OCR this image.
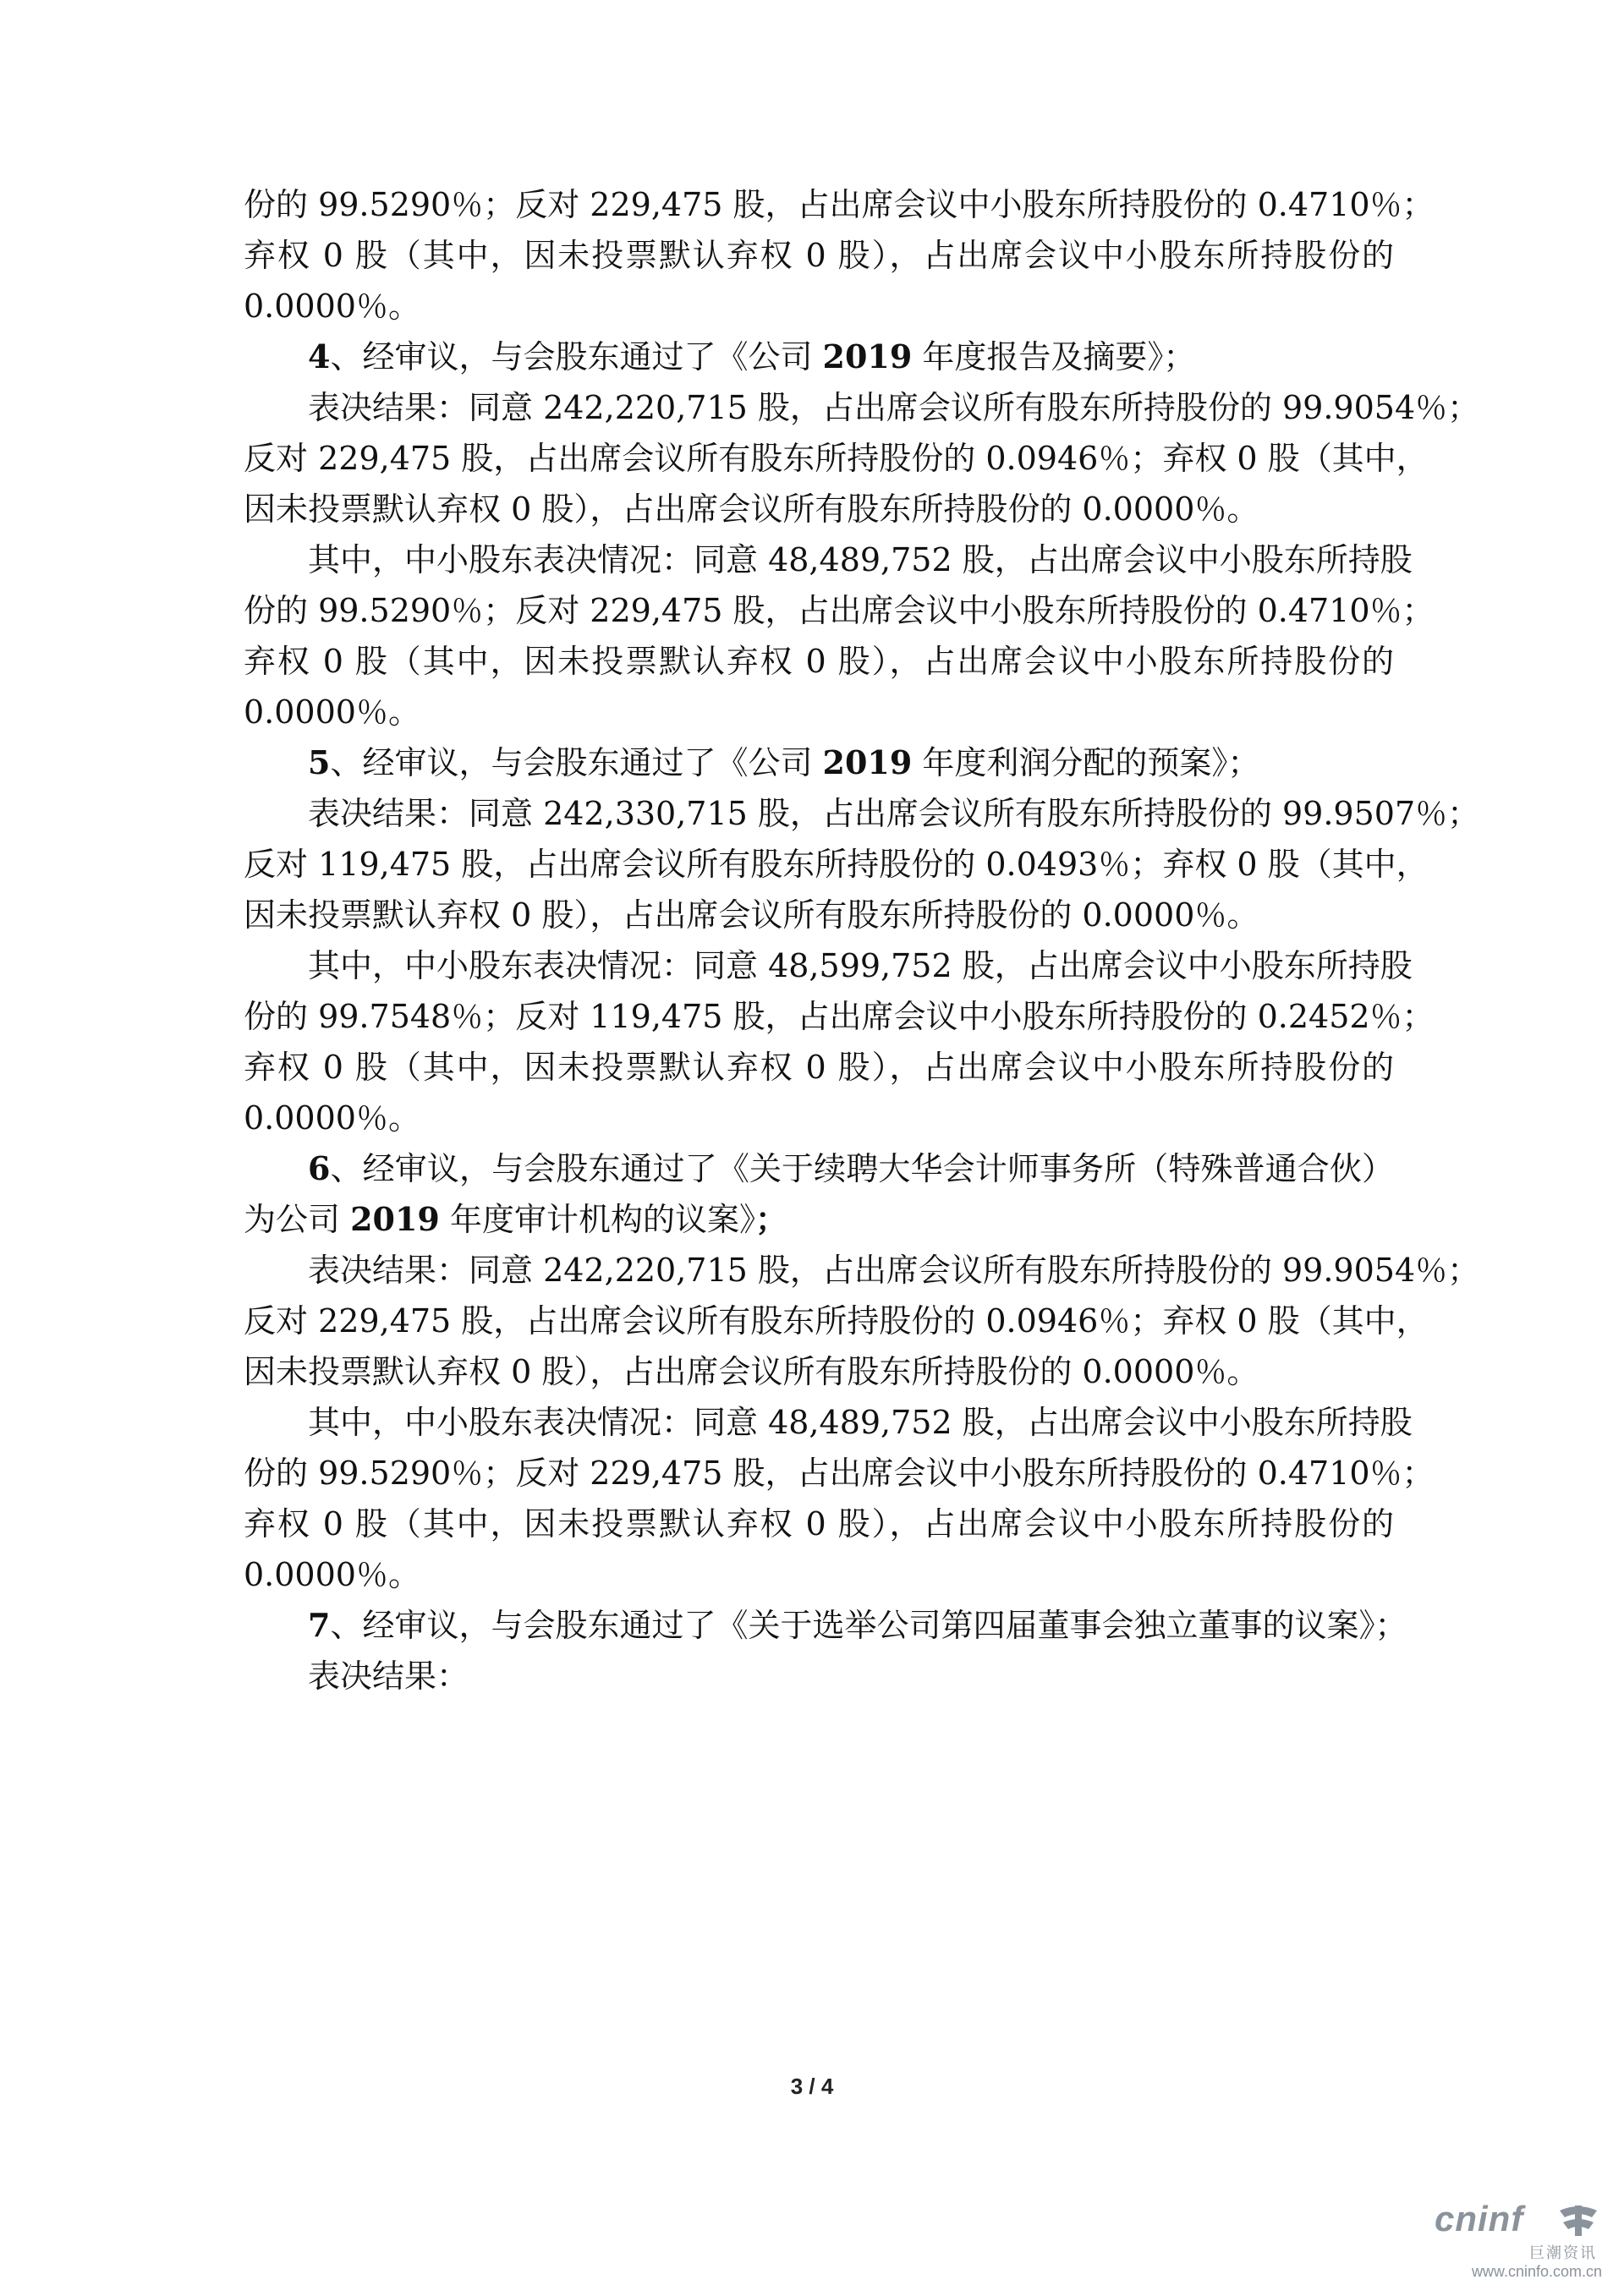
份的 99.5290％；反对 229,475 股，占出席会议中小股东所持股份的 0.4710％；

弃权 0 股（其中，因未投票默认弃权 0 股），占出席会议中小股东所持股份的

0.0000％。

4、经审议，与会股东通过了《公司 2019 年度报告及摘要》；

表决结果：同意 242,220,715 股，占出席会议所有股东所持股份的 99.9054％；

反对 229,475 股，占出席会议所有股东所持股份的 0.0946％；弃权 0 股（其中，

因未投票默认弃权 0 股），占出席会议所有股东所持股份的 0.0000％。

其中，中小股东表决情况：同意 48,489,752 股，占出席会议中小股东所持股

份的 99.5290％；反对 229,475 股，占出席会议中小股东所持股份的 0.4710％；

弃权 0 股（其中，因未投票默认弃权 0 股），占出席会议中小股东所持股份的

0.0000％。

5、经审议，与会股东通过了《公司 2019 年度利润分配的预案》；

表决结果：同意 242,330,715 股，占出席会议所有股东所持股份的 99.9507％；

反对 119,475 股，占出席会议所有股东所持股份的 0.0493％；弃权 0 股（其中，

因未投票默认弃权 0 股），占出席会议所有股东所持股份的 0.0000％。

其中，中小股东表决情况：同意 48,599,752 股，占出席会议中小股东所持股

份的 99.7548％；反对 119,475 股，占出席会议中小股东所持股份的 0.2452％；

弃权 0 股（其中，因未投票默认弃权 0 股），占出席会议中小股东所持股份的

0.0000％。

6、经审议，与会股东通过了《关于续聘大华会计师事务所（特殊普通合伙）

为公司 2019 年度审计机构的议案》；

表决结果：同意 242,220,715 股，占出席会议所有股东所持股份的 99.9054％；

反对 229,475 股，占出席会议所有股东所持股份的 0.0946％；弃权 0 股（其中，

因未投票默认弃权 0 股），占出席会议所有股东所持股份的 0.0000％。

其中，中小股东表决情况：同意 48,489,752 股，占出席会议中小股东所持股

份的 99.5290％；反对 229,475 股，占出席会议中小股东所持股份的 0.4710％；

弃权 0 股（其中，因未投票默认弃权 0 股），占出席会议中小股东所持股份的

0.0000％。

7、经审议，与会股东通过了《关于选举公司第四届董事会独立董事的议案》；

表决结果：

3 / 4
cninf
巨潮资讯
www.cninfo.com.cn
